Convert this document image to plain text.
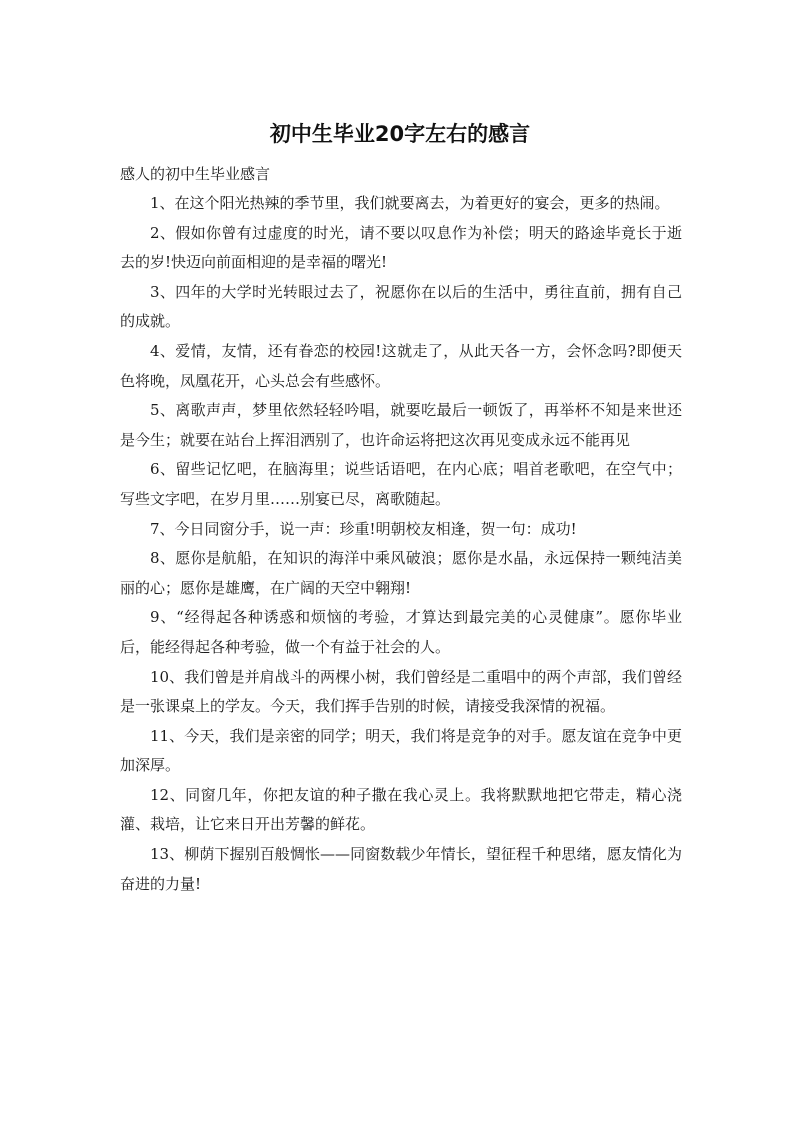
初中生毕业20字左右的感言

感人的初中生毕业感言

1、在这个阳光热辣的季节里，我们就要离去，为着更好的宴会，更多的热闹。

2、假如你曾有过虚度的时光，请不要以叹息作为补偿；明天的路途毕竟长于逝去的岁!快迈向前面相迎的是幸福的曙光!

3、四年的大学时光转眼过去了，祝愿你在以后的生活中，勇往直前，拥有自己的成就。

4、爱情，友情，还有眷恋的校园!这就走了，从此天各一方，会怀念吗?即便天色将晚，凤凰花开，心头总会有些感怀。

5、离歌声声，梦里依然轻轻吟唱，就要吃最后一顿饭了，再举杯不知是来世还是今生；就要在站台上挥泪洒别了，也许命运将把这次再见变成永远不能再见

6、留些记忆吧，在脑海里；说些话语吧，在内心底；唱首老歌吧，在空气中；写些文字吧，在岁月里……别宴已尽，离歌随起。

7、今日同窗分手，说一声：珍重!明朝校友相逢，贺一句：成功!

8、愿你是航船，在知识的海洋中乘风破浪；愿你是水晶，永远保持一颗纯洁美丽的心；愿你是雄鹰，在广阔的天空中翱翔!

9、“经得起各种诱惑和烦恼的考验，才算达到最完美的心灵健康”。愿你毕业后，能经得起各种考验，做一个有益于社会的人。

10、我们曾是并肩战斗的两棵小树，我们曾经是二重唱中的两个声部，我们曾经是一张课桌上的学友。今天，我们挥手告别的时候，请接受我深情的祝福。

11、今天，我们是亲密的同学；明天，我们将是竞争的对手。愿友谊在竞争中更加深厚。

12、同窗几年，你把友谊的种子撒在我心灵上。我将默默地把它带走，精心浇灌、栽培，让它来日开出芳馨的鲜花。

13、柳荫下握别百般惆怅——同窗数载少年情长，望征程千种思绪，愿友情化为奋进的力量!
